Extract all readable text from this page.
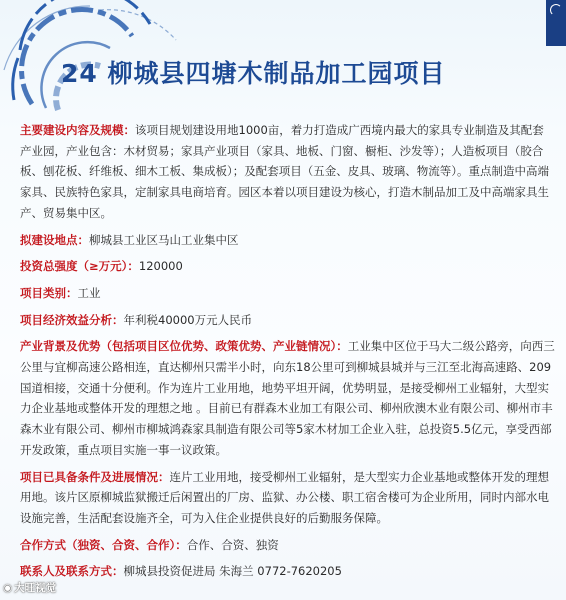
24 柳城县四塘木制品加工园项目

主要建设内容及规模：该项目规划建设用地1000亩，着力打造成广西境内最大的家具专业制造及其配套产业园，产业包含：木材贸易；家具产业项目（家具、地板、门窗、橱柜、沙发等）；人造板项目（胶合板、刨花板、纤维板、细木工板、集成板）；及配套项目（五金、皮具、玻璃、物流等）。重点制造中高端家具、民族特色家具，定制家具电商培育。园区本着以项目建设为核心，打造木制品加工及中高端家具生产、贸易集中区。

拟建设地点：柳城县工业区马山工业集中区

投资总强度（≥万元）：120000

项目类别：工业

项目经济效益分析：年利税40000万元人民币

产业背景及优势（包括项目区位优势、政策优势、产业链情况）：工业集中区位于马大二级公路旁，向西三公里与宜柳高速公路相连，直达柳州只需半小时，向东18公里可到柳城县城并与三江至北海高速路、209国道相接，交通十分便利。作为连片工业用地，地势平坦开阔，优势明显，是接受柳州工业辐射，大型实力企业基地或整体开发的理想之地 。目前已有群森木业加工有限公司、柳州欣澳木业有限公司、柳州市丰森木业有限公司、柳州市柳城鸿森家具制造有限公司等5家木材加工企业入驻，总投资5.5亿元，享受西部开发政策，重点项目实施一事一议政策。

项目已具备条件及进展情况：连片工业用地，接受柳州工业辐射，是大型实力企业基地或整体开发的理想用地。该片区原柳城监狱搬迁后闲置出的厂房、监狱、办公楼、职工宿舍楼可为企业所用，同时内部水电设施完善，生活配套设施齐全，可为入住企业提供良好的后勤服务保障。

合作方式（独资、合资、合作）：合作、合资、独资

联系人及联系方式：柳城县投资促进局 朱海兰 0772-7620205

◉ 大旺视觉
